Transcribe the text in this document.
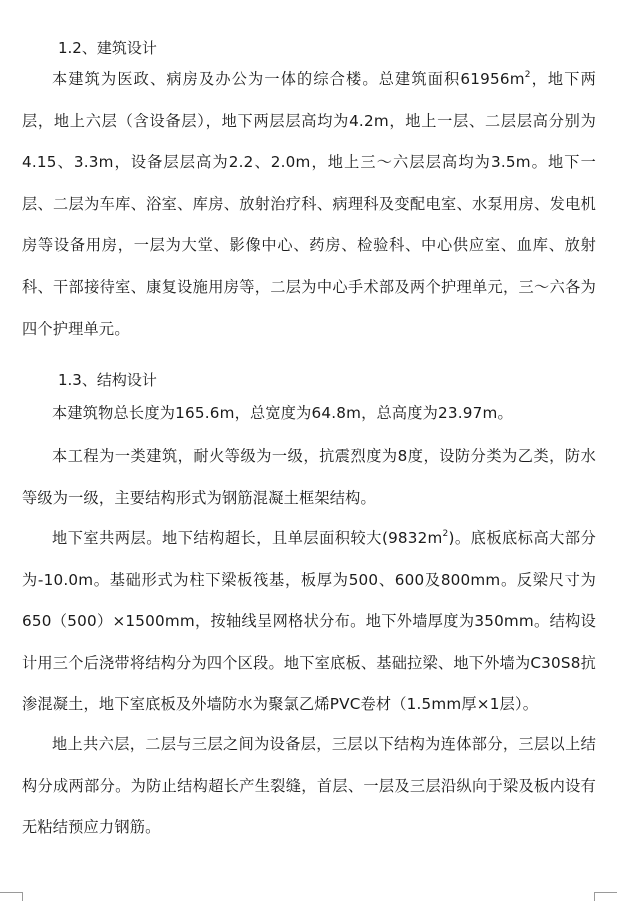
1.2、建筑设计
本建筑为医政、病房及办公为一体的综合楼。总建筑面积$61956m^2$，地下两层，地上六层（含设备层），地下两层层高均为4.2m，地上一层、二层层高分别为4.15、3.3m，设备层层高为2.2、2.0m，地上三～六层层高均为3.5m。地下一层、二层为车库、浴室、库房、放射治疗科、病理科及变配电室、水泵用房、发电机房等设备用房，一层为大堂、影像中心、药房、检验科、中心供应室、血库、放射科、干部接待室、康复设施用房等，二层为中心手术部及两个护理单元，三～六各为四个护理单元。
1.3、结构设计
本建筑物总长度为165.6m，总宽度为64.8m，总高度为23.97m。
本工程为一类建筑，耐火等级为一级，抗震烈度为8度，设防分类为乙类，防水等级为一级，主要结构形式为钢筋混凝土框架结构。
地下室共两层。地下结构超长，且单层面积较大$(9832m^2)$。底板底标高大部分为-10.0m。基础形式为柱下梁板筏基，板厚为500、600及800mm。反梁尺寸为650（500）×1500mm，按轴线呈网格状分布。地下外墙厚度为350mm。结构设计用三个后浇带将结构分为四个区段。地下室底板、基础拉梁、地下外墙为C30S8抗渗混凝土，地下室底板及外墙防水为聚氯乙烯PVC卷材（1.5mm厚×1层）。
地上共六层，二层与三层之间为设备层，三层以下结构为连体部分，三层以上结构分成两部分。为防止结构超长产生裂缝，首层、一层及三层沿纵向于梁及板内设有无粘结预应力钢筋。
